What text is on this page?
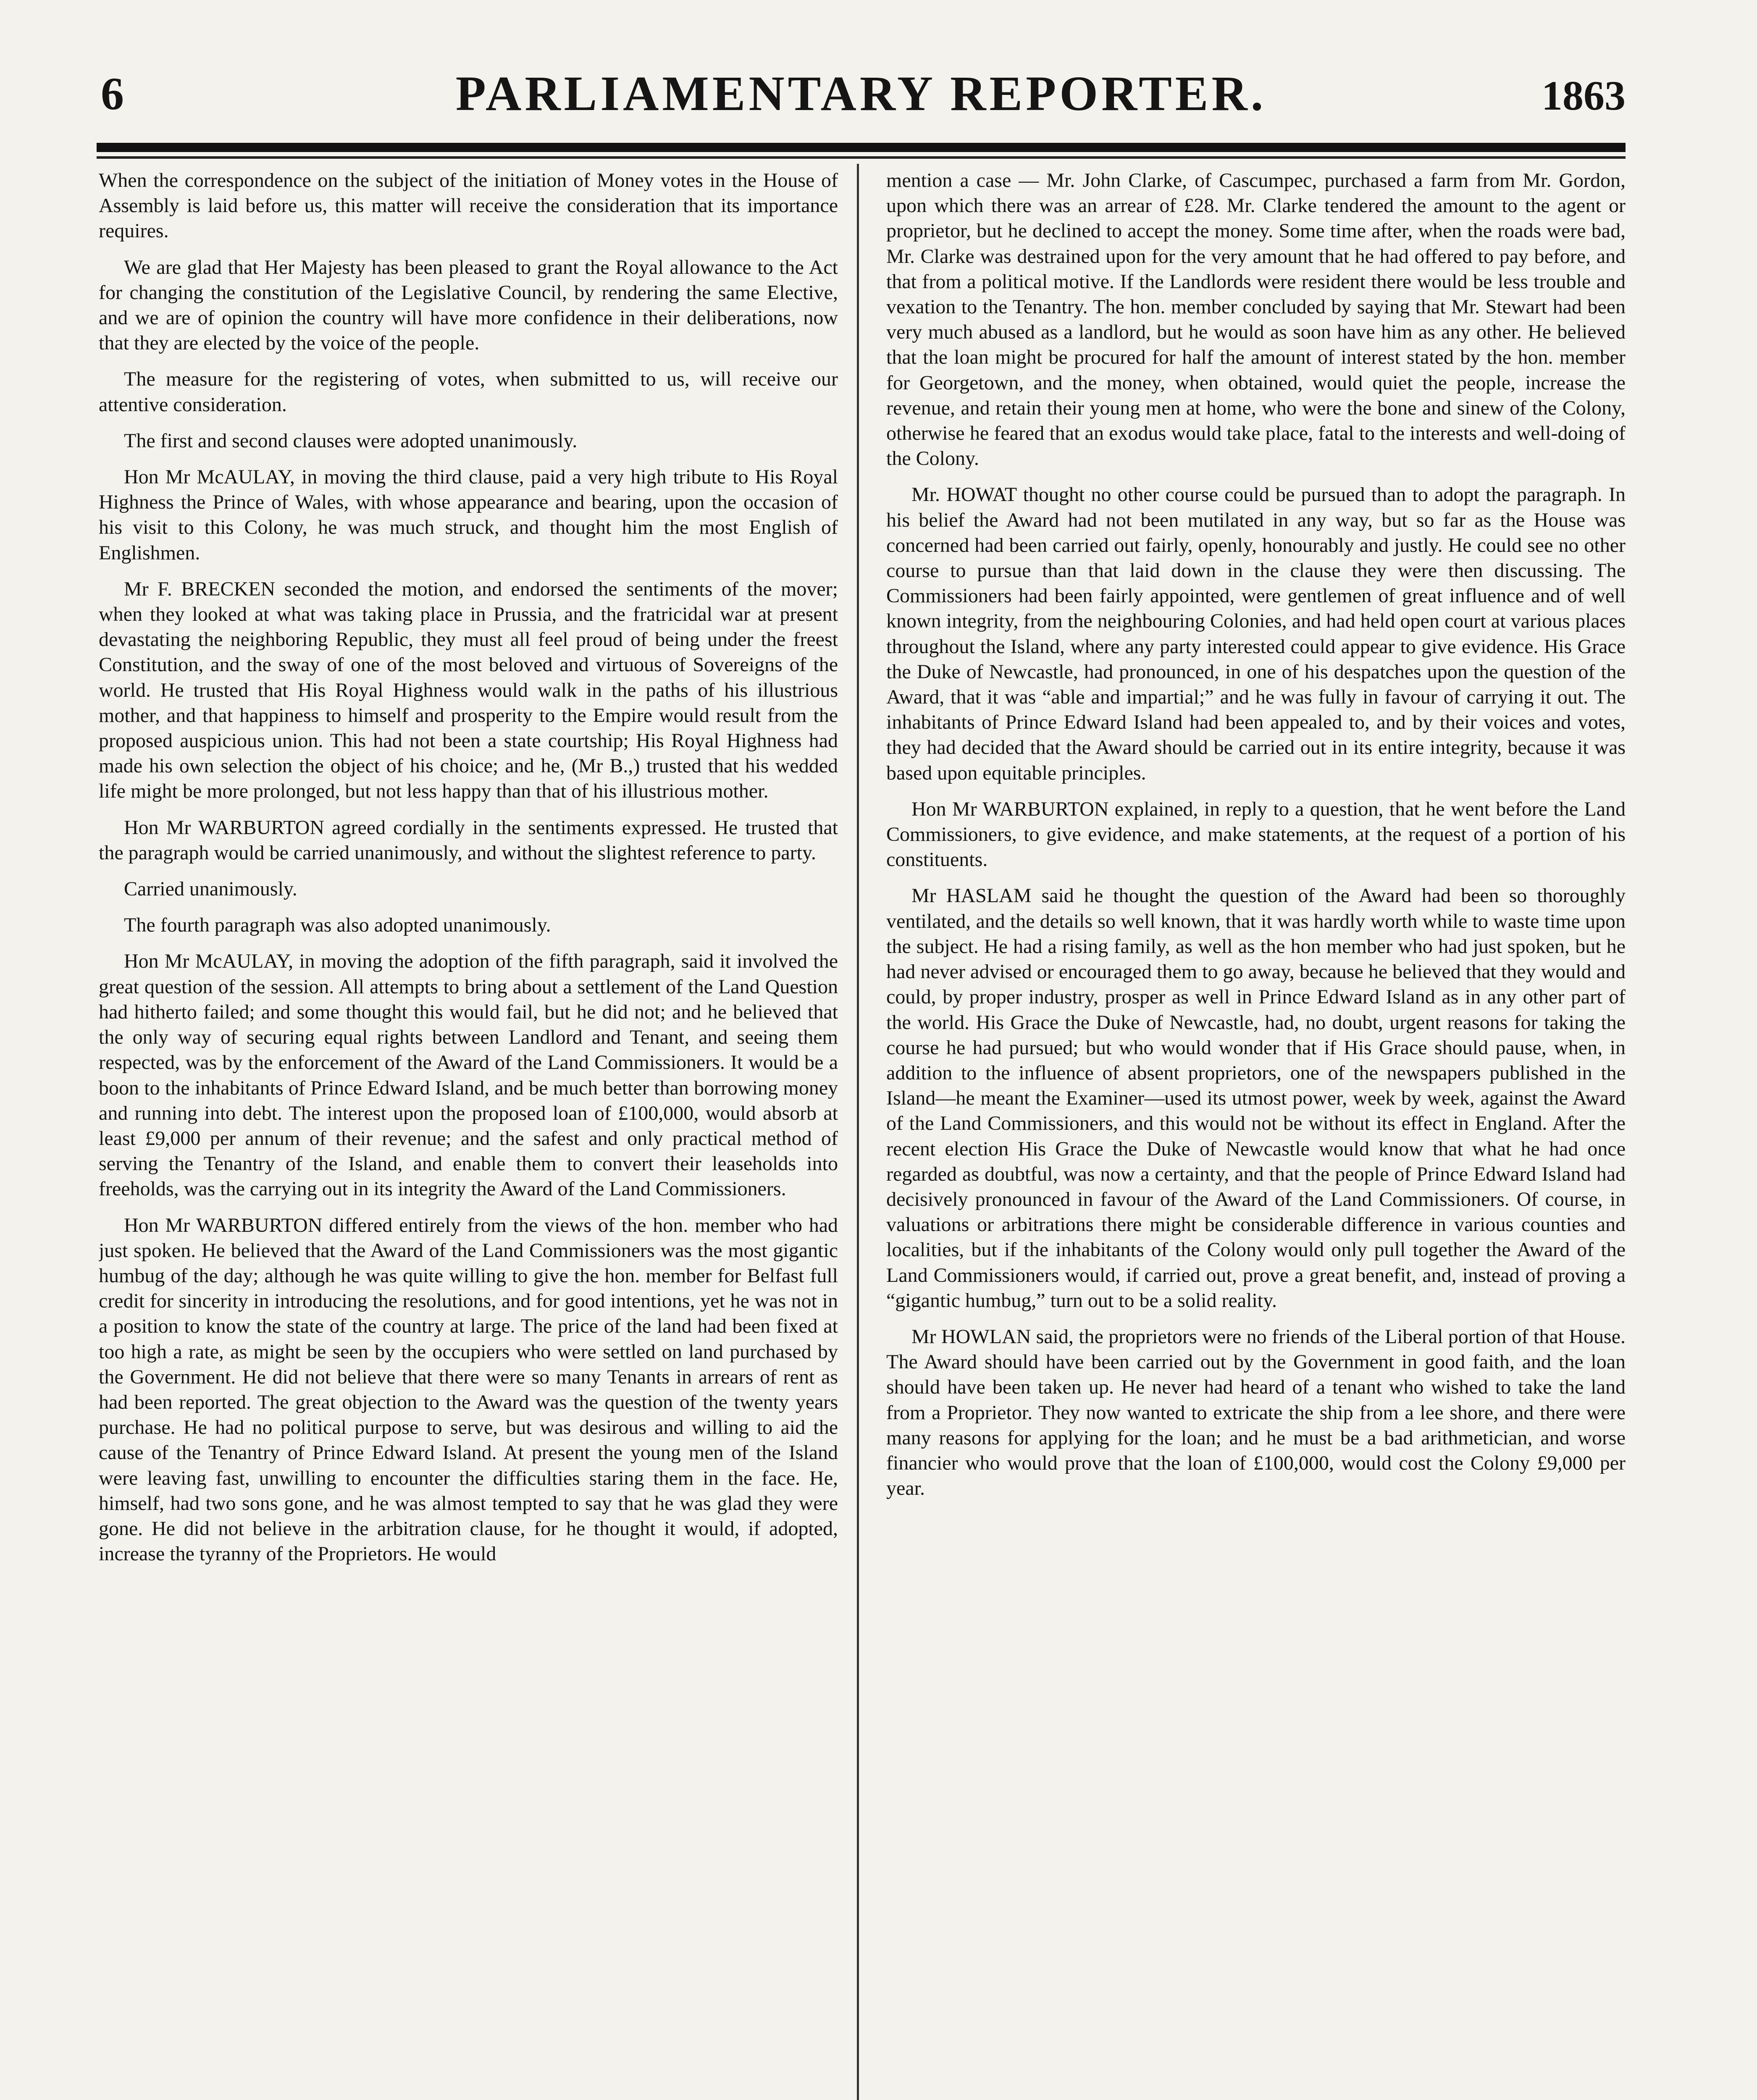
6	PARLIAMENTARY REPORTER.	1863

When the correspondence on the subject of the initiation of Money votes in the House of Assembly is laid before us, this matter will receive the consideration that its importance requires.

We are glad that Her Majesty has been pleased to grant the Royal allowance to the Act for changing the constitution of the Legislative Council, by rendering the same Elective, and we are of opinion the country will have more confidence in their deliberations, now that they are elected by the voice of the people.

The measure for the registering of votes, when submitted to us, will receive our attentive consideration.

The first and second clauses were adopted unanimously.

Hon Mr McAULAY, in moving the third clause, paid a very high tribute to His Royal Highness the Prince of Wales, with whose appearance and bearing, upon the occasion of his visit to this Colony, he was much struck, and thought him the most English of Englishmen.

Mr F. BRECKEN seconded the motion, and endorsed the sentiments of the mover; when they looked at what was taking place in Prussia, and the fratricidal war at present devastating the neighboring Republic, they must all feel proud of being under the freest Constitution, and the sway of one of the most beloved and virtuous of Sovereigns of the world. He trusted that His Royal Highness would walk in the paths of his illustrious mother, and that happiness to himself and prosperity to the Empire would result from the proposed auspicious union. This had not been a state courtship; His Royal Highness had made his own selection the object of his choice; and he, (Mr B.,) trusted that his wedded life might be more prolonged, but not less happy than that of his illustrious mother.

Hon Mr WARBURTON agreed cordially in the sentiments expressed. He trusted that the paragraph would be carried unanimously, and without the slightest reference to party.

Carried unanimously.

The fourth paragraph was also adopted unanimously.

Hon Mr McAULAY, in moving the adoption of the fifth paragraph, said it involved the great question of the session. All attempts to bring about a settlement of the Land Question had hitherto failed; and some thought this would fail, but he did not; and he believed that the only way of securing equal rights between Landlord and Tenant, and seeing them respected, was by the enforcement of the Award of the Land Commissioners. It would be a boon to the inhabitants of Prince Edward Island, and be much better than borrowing money and running into debt. The interest upon the proposed loan of £100,000, would absorb at least £9,000 per annum of their revenue; and the safest and only practical method of serving the Tenantry of the Island, and enable them to convert their leaseholds into freeholds, was the carrying out in its integrity the Award of the Land Commissioners.

Hon Mr WARBURTON differed entirely from the views of the hon. member who had just spoken. He believed that the Award of the Land Commissioners was the most gigantic humbug of the day; although he was quite willing to give the hon. member for Belfast full credit for sincerity in introducing the resolutions, and for good intentions, yet he was not in a position to know the state of the country at large. The price of the land had been fixed at too high a rate, as might be seen by the occupiers who were settled on land purchased by the Government. He did not believe that there were so many Tenants in arrears of rent as had been reported. The great objection to the Award was the question of the twenty years purchase. He had no political purpose to serve, but was desirous and willing to aid the cause of the Tenantry of Prince Edward Island. At present the young men of the Island were leaving fast, unwilling to encounter the difficulties staring them in the face. He, himself, had two sons gone, and he was almost tempted to say that he was glad they were gone. He did not believe in the arbitration clause, for he thought it would, if adopted, increase the tyranny of the Proprietors. He would

mention a case — Mr. John Clarke, of Cascumpec, purchased a farm from Mr. Gordon, upon which there was an arrear of £28. Mr. Clarke tendered the amount to the agent or proprietor, but he declined to accept the money. Some time after, when the roads were bad, Mr. Clarke was destrained upon for the very amount that he had offered to pay before, and that from a political motive. If the Landlords were resident there would be less trouble and vexation to the Tenantry. The hon. member concluded by saying that Mr. Stewart had been very much abused as a landlord, but he would as soon have him as any other. He believed that the loan might be procured for half the amount of interest stated by the hon. member for Georgetown, and the money, when obtained, would quiet the people, increase the revenue, and retain their young men at home, who were the bone and sinew of the Colony, otherwise he feared that an exodus would take place, fatal to the interests and well-doing of the Colony.

Mr. HOWAT thought no other course could be pursued than to adopt the paragraph. In his belief the Award had not been mutilated in any way, but so far as the House was concerned had been carried out fairly, openly, honourably and justly. He could see no other course to pursue than that laid down in the clause they were then discussing. The Commissioners had been fairly appointed, were gentlemen of great influence and of well known integrity, from the neighbouring Colonies, and had held open court at various places throughout the Island, where any party interested could appear to give evidence. His Grace the Duke of Newcastle, had pronounced, in one of his despatches upon the question of the Award, that it was “able and impartial;” and he was fully in favour of carrying it out. The inhabitants of Prince Edward Island had been appealed to, and by their voices and votes, they had decided that the Award should be carried out in its entire integrity, because it was based upon equitable principles.

Hon Mr WARBURTON explained, in reply to a question, that he went before the Land Commissioners, to give evidence, and make statements, at the request of a portion of his constituents.

Mr HASLAM said he thought the question of the Award had been so thoroughly ventilated, and the details so well known, that it was hardly worth while to waste time upon the subject. He had a rising family, as well as the hon member who had just spoken, but he had never advised or encouraged them to go away, because he believed that they would and could, by proper industry, prosper as well in Prince Edward Island as in any other part of the world. His Grace the Duke of Newcastle, had, no doubt, urgent reasons for taking the course he had pursued; but who would wonder that if His Grace should pause, when, in addition to the influence of absent proprietors, one of the newspapers published in the Island—he meant the Examiner—used its utmost power, week by week, against the Award of the Land Commissioners, and this would not be without its effect in England. After the recent election His Grace the Duke of Newcastle would know that what he had once regarded as doubtful, was now a certainty, and that the people of Prince Edward Island had decisively pronounced in favour of the Award of the Land Commissioners. Of course, in valuations or arbitrations there might be considerable difference in various counties and localities, but if the inhabitants of the Colony would only pull together the Award of the Land Commissioners would, if carried out, prove a great benefit, and, instead of proving a “gigantic humbug,” turn out to be a solid reality.

Mr HOWLAN said, the proprietors were no friends of the Liberal portion of that House. The Award should have been carried out by the Government in good faith, and the loan should have been taken up. He never had heard of a tenant who wished to take the land from a Proprietor. They now wanted to extricate the ship from a lee shore, and there were many reasons for applying for the loan; and he must be a bad arithmetician, and worse financier who would prove that the loan of £100,000, would cost the Colony £9,000 per year.
